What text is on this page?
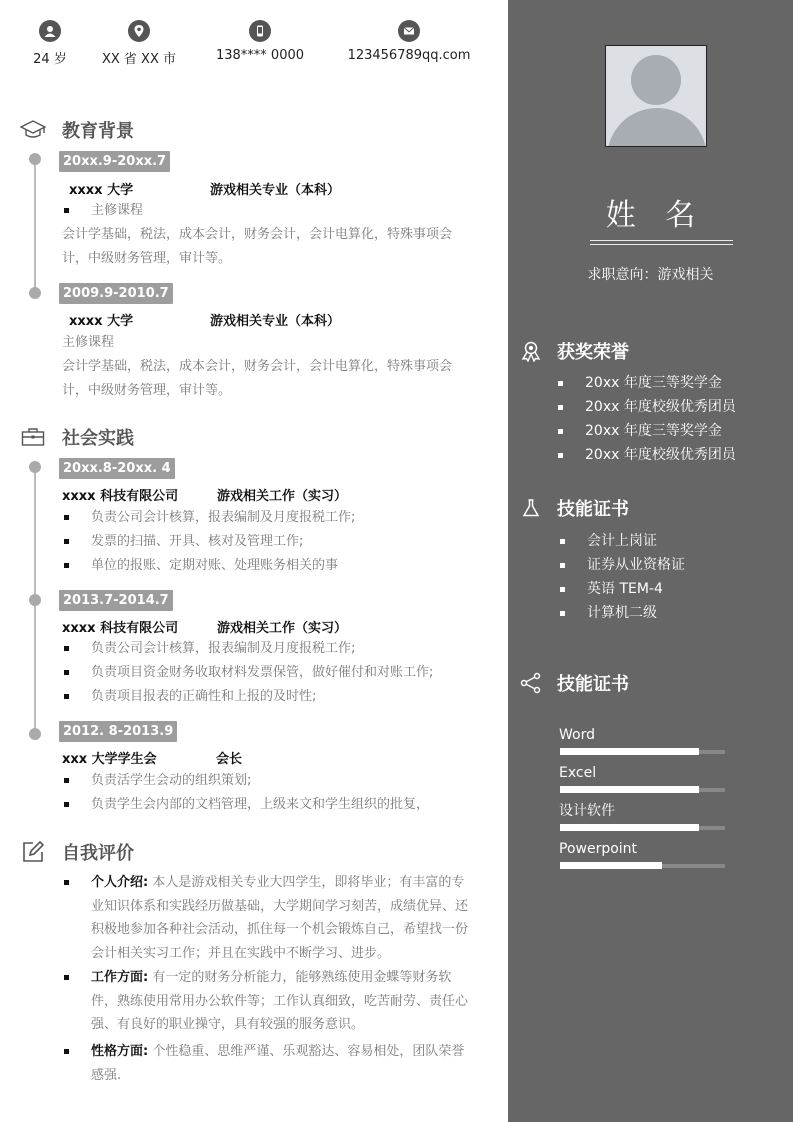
24 岁	XX 省 XX 市	138**** 0000	123456789qq.com
教育背景
20xx.9-20xx.7
xxxx 大学	游戏相关专业（本科）
主修课程
会计学基础，税法，成本会计，财务会计，会计电算化，特殊事项会计，中级财务管理，审计等。
2009.9-2010.7
xxxx 大学	游戏相关专业（本科）
主修课程
会计学基础，税法，成本会计，财务会计，会计电算化，特殊事项会计，中级财务管理，审计等。
社会实践
20xx.8-20xx. 4
xxxx 科技有限公司	游戏相关工作（实习）
负责公司会计核算，报表编制及月度报税工作;
发票的扫描、开具、核对及管理工作;
单位的报账、定期对账、处理账务相关的事
2013.7-2014.7
xxxx 科技有限公司	游戏相关工作（实习）
负责公司会计核算，报表编制及月度报税工作;
负责项目资金财务收取材料发票保管，做好催付和对账工作;
负责项目报表的正确性和上报的及时性;
2012. 8-2013.9
xxx 大学学生会	会长
负责活学生会动的组织策划;
负责学生会内部的文档管理，上级来文和学生组织的批复，
自我评价
个人介绍: 本人是游戏相关专业大四学生，即将毕业；有丰富的专业知识体系和实践经历做基础，大学期间学习刻苦，成绩优异、还积极地参加各种社会活动，抓住每一个机会锻炼自己，希望找一份会计相关实习工作；并且在实践中不断学习、进步。
工作方面: 有一定的财务分析能力，能够熟练使用金蝶等财务软件，熟练使用常用办公软件等；工作认真细致，吃苦耐劳、责任心强、有良好的职业操守，具有较强的服务意识。
性格方面: 个性稳重、思维严谨、乐观豁达、容易相处，团队荣誉感强.
姓 名
求职意向：游戏相关
获奖荣誉
20xx 年度三等奖学金
20xx 年度校级优秀团员
20xx 年度三等奖学金
20xx 年度校级优秀团员
技能证书
会计上岗证
证券从业资格证
英语 TEM-4
计算机二级
技能证书
Word
Excel
设计软件
Powerpoint
